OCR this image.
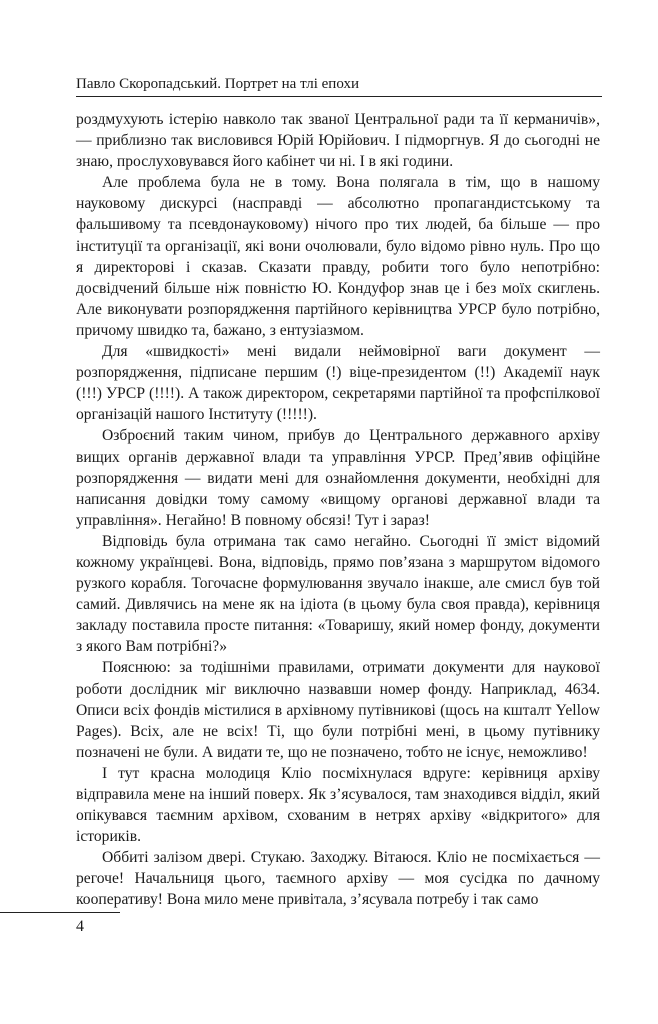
Павло Скоропадський. Портрет на тлі епохи

роздмухують істерію навколо так званої Центральної ради та її керманичів», — приблизно так висловився Юрій Юрійович. І підморгнув. Я до сьогодні не знаю, прослуховувався його кабінет чи ні. І в які години.

Але проблема була не в тому. Вона полягала в тім, що в нашому науковому дискурсі (насправді — абсолютно пропагандистському та фальшивому та псевдонауковому) нічого про тих людей, ба більше — про інституції та організації, які вони очолювали, було відомо рівно нуль. Про що я директорові і сказав. Сказати правду, робити того було непотрібно: досвідчений більше ніж повністю Ю. Кондуфор знав це і без моїх скиглень. Але виконувати розпорядження партійного керівництва УРСР було потрібно, причому швидко та, бажано, з ентузіазмом.

Для «швидкості» мені видали неймовірної ваги документ — розпорядження, підписане першим (!) віце-президентом (!!) Академії наук (!!!) УРСР (!!!!). А також директором, секретарями партійної та профспілкової організацій нашого Інституту (!!!!!).

Озброєний таким чином, прибув до Центрального державного архіву вищих органів державної влади та управління УРСР. Пред’явив офіційне розпорядження — видати мені для ознайомлення документи, необхідні для написання довідки тому самому «вищому органові державної влади та управління». Негайно! В повному обсязі! Тут і зараз!

Відповідь була отримана так само негайно. Сьогодні її зміст відомий кожному українцеві. Вона, відповідь, прямо пов’язана з маршрутом відомого рузкого корабля. Тогочасне формулювання звучало інакше, але смисл був той самий. Дивлячись на мене як на ідіота (в цьому була своя правда), керівниця закладу поставила просте питання: «Товаришу, який номер фонду, документи з якого Вам потрібні?»

Пояснюю: за тодішніми правилами, отримати документи для наукової роботи дослідник міг виключно назвавши номер фонду. Наприклад, 4634. Описи всіх фондів містилися в архівному путівникові (щось на кшталт Yellow Pages). Всіх, але не всіх! Ті, що були потрібні мені, в цьому путівнику позначені не були. А видати те, що не позначено, тобто не існує, неможливо!

І тут красна молодиця Кліо посміхнулася вдруге: керівниця архіву відправила мене на інший поверх. Як з’ясувалося, там знаходився відділ, який опікувався таємним архівом, схованим в нетрях архіву «відкритого» для істориків.

Оббиті залізом двері. Стукаю. Заходжу. Вітаюся. Кліо не посміхається — регоче! Начальниця цього, таємного архіву — моя сусідка по дачному кооперативу! Вона мило мене привітала, з’ясувала потребу і так само

4
